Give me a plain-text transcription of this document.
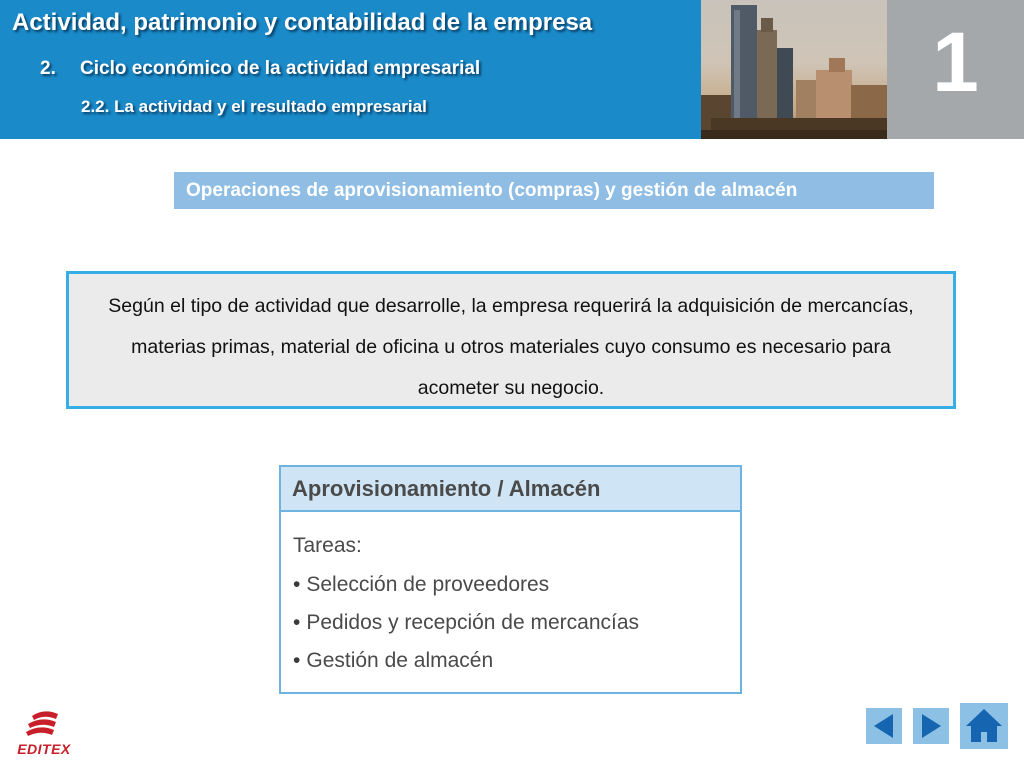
Actividad, patrimonio y contabilidad de la empresa
2. Ciclo económico de la actividad empresarial
2.2. La actividad y el resultado empresarial	1
Operaciones de aprovisionamiento (compras) y gestión de almacén
Según el tipo de actividad que desarrolle, la empresa requerirá la adquisición de mercancías, materias primas, material de oficina u otros materiales cuyo consumo es necesario para acometer su negocio.
Aprovisionamiento / Almacén
Tareas:
• Selección de proveedores
• Pedidos y recepción de mercancías
• Gestión de almacén
EDITEX
